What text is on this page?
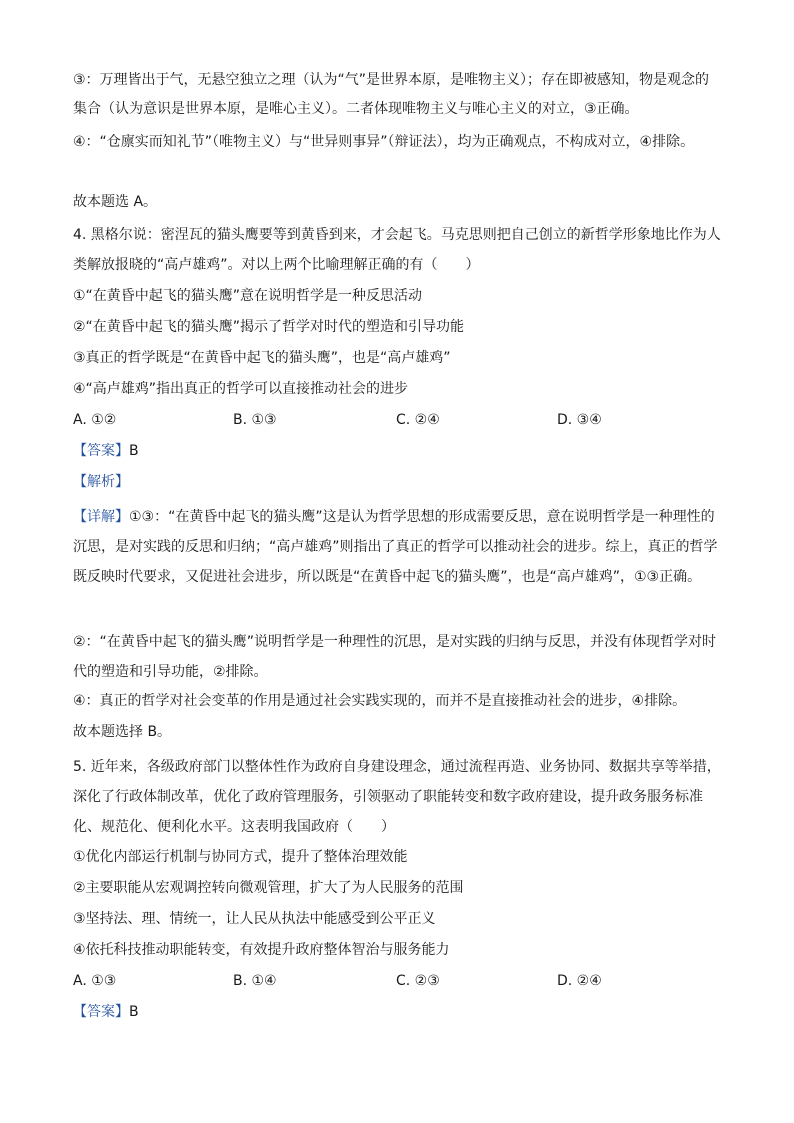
③：万理皆出于气，无悬空独立之理（认为“气”是世界本原，是唯物主义）；存在即被感知，物是观念的集合（认为意识是世界本原，是唯心主义）。二者体现唯物主义与唯心主义的对立，③正确。

④：“仓廪实而知礼节”（唯物主义）与“世异则事异”（辩证法），均为正确观点，不构成对立，④排除。

故本题选 A。

4. 黑格尔说：密涅瓦的猫头鹰要等到黄昏到来，才会起飞。马克思则把自己创立的新哲学形象地比作为人类解放报晓的“高卢雄鸡”。对以上两个比喻理解正确的有（　　）

①“在黄昏中起飞的猫头鹰”意在说明哲学是一种反思活动

②“在黄昏中起飞的猫头鹰”揭示了哲学对时代的塑造和引导功能

③真正的哲学既是“在黄昏中起飞的猫头鹰”，也是“高卢雄鸡”

④“高卢雄鸡”指出真正的哲学可以直接推动社会的进步

A. ①②	B. ①③	C. ②④	D. ③④

【答案】B

【解析】

【详解】①③：“在黄昏中起飞的猫头鹰”这是认为哲学思想的形成需要反思，意在说明哲学是一种理性的沉思，是对实践的反思和归纳；“高卢雄鸡”则指出了真正的哲学可以推动社会的进步。综上，真正的哲学既反映时代要求，又促进社会进步，所以既是“在黄昏中起飞的猫头鹰”，也是“高卢雄鸡”，①③正确。

②：“在黄昏中起飞的猫头鹰”说明哲学是一种理性的沉思，是对实践的归纳与反思，并没有体现哲学对时代的塑造和引导功能，②排除。

④：真正的哲学对社会变革的作用是通过社会实践实现的，而并不是直接推动社会的进步，④排除。

故本题选择 B。

5. 近年来，各级政府部门以整体性作为政府自身建设理念，通过流程再造、业务协同、数据共享等举措，深化了行政体制改革，优化了政府管理服务，引领驱动了职能转变和数字政府建设，提升政务服务标准化、规范化、便利化水平。这表明我国政府（　　）

①优化内部运行机制与协同方式，提升了整体治理效能

②主要职能从宏观调控转向微观管理，扩大了为人民服务的范围

③坚持法、理、情统一，让人民从执法中能感受到公平正义

④依托科技推动职能转变，有效提升政府整体智治与服务能力

A. ①③	B. ①④	C. ②③	D. ②④

【答案】B
